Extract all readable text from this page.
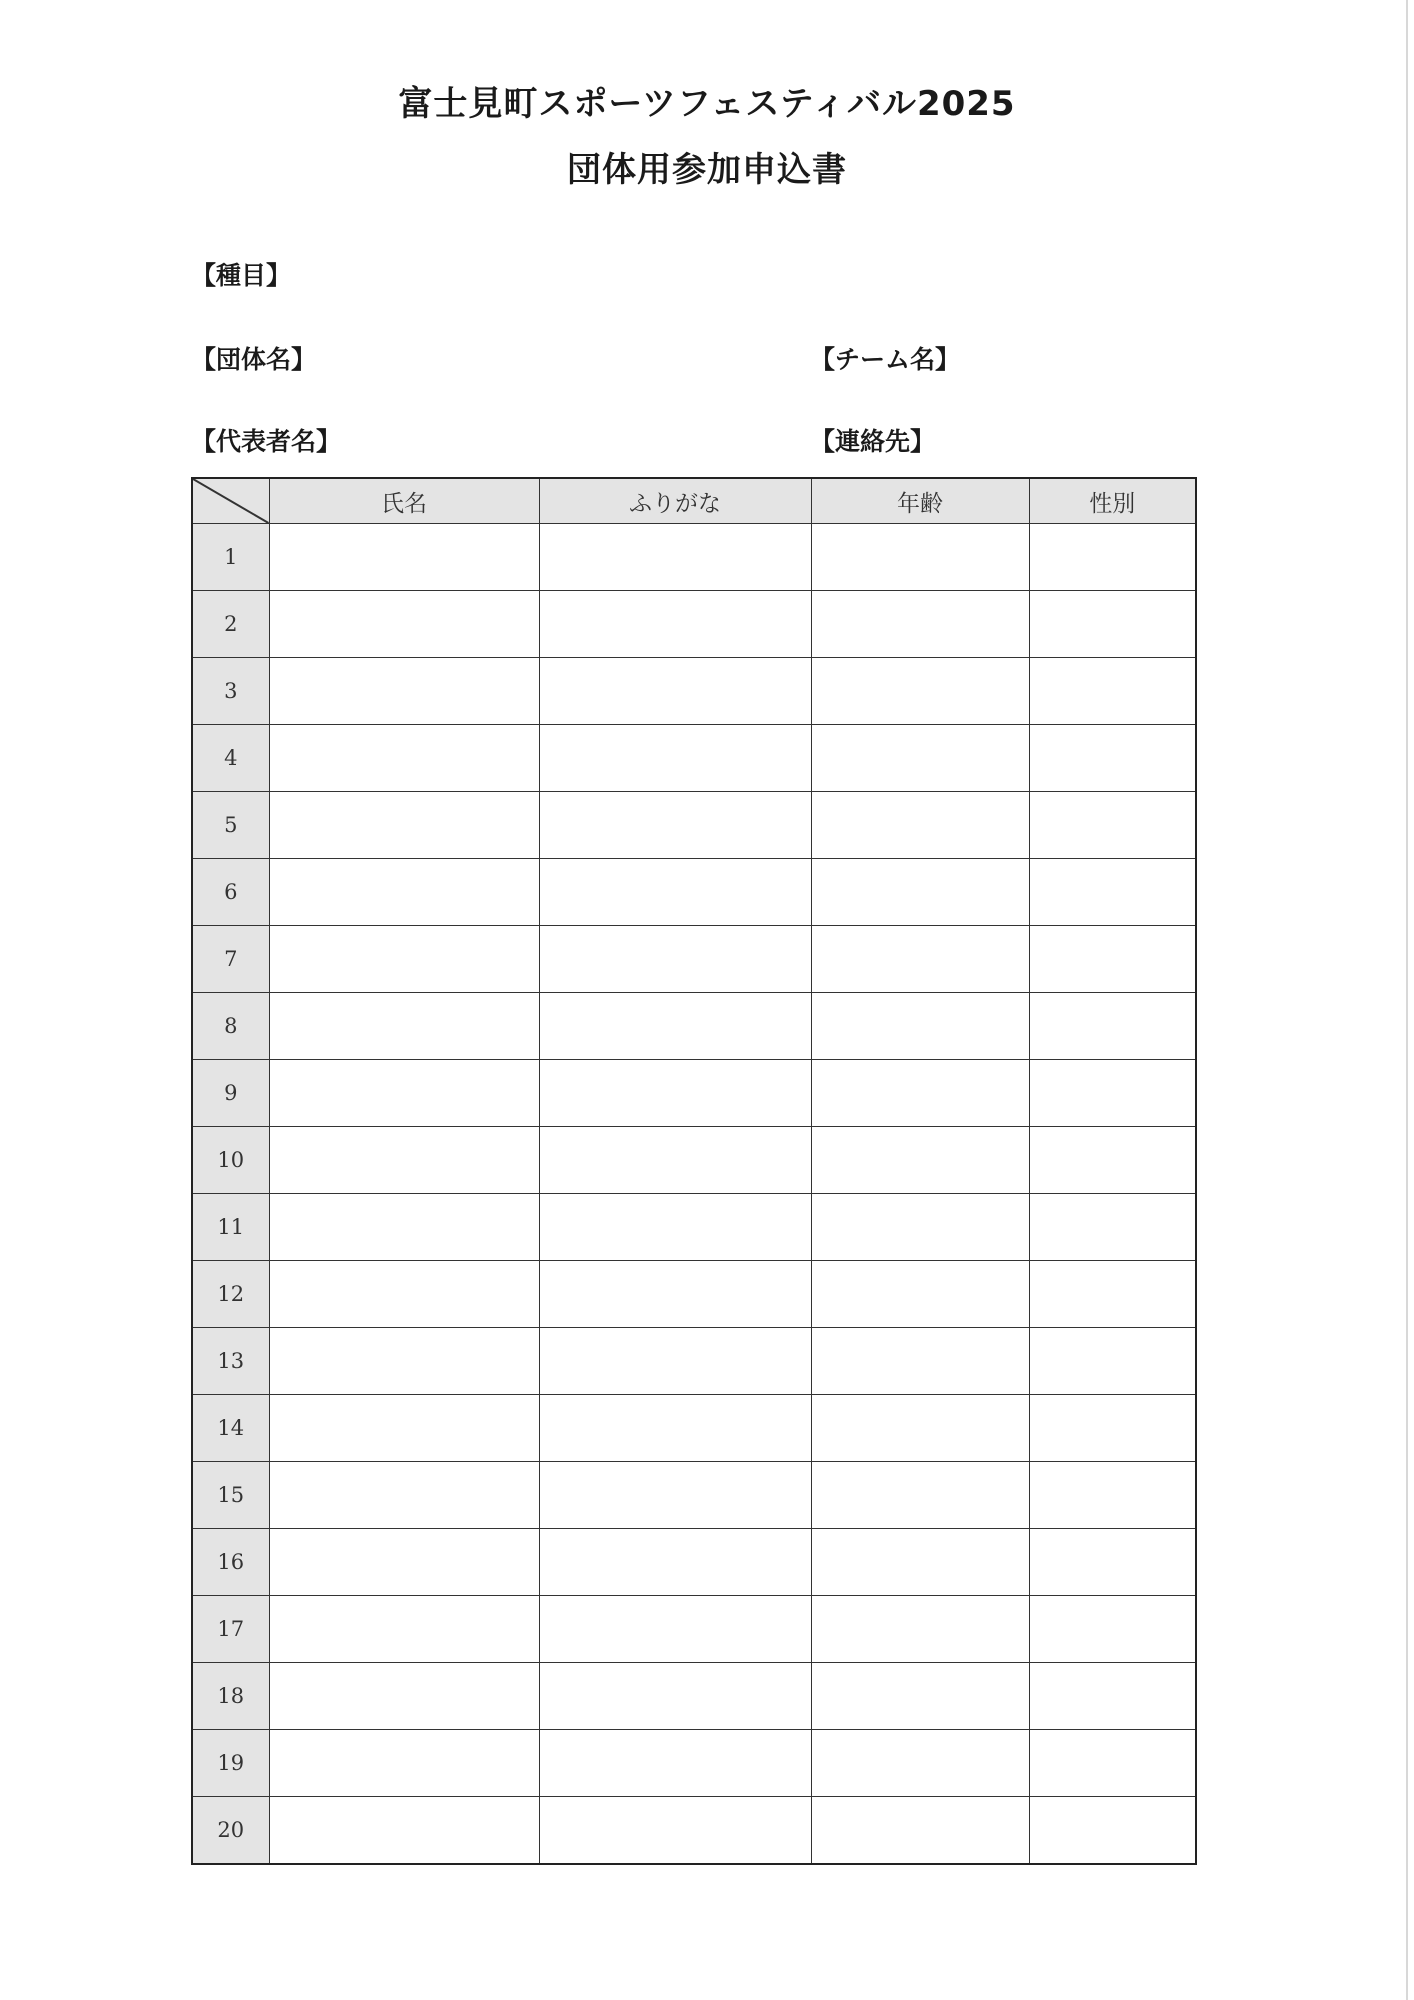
富士見町スポーツフェスティバル2025
団体用参加申込書
【種目】
【団体名】	【チーム名】
【代表者名】	【連絡先】
	氏名	ふりがな	年齢	性別
1				
2				
3				
4				
5				
6				
7				
8				
9				
10				
11				
12				
13				
14				
15				
16				
17				
18				
19				
20				
